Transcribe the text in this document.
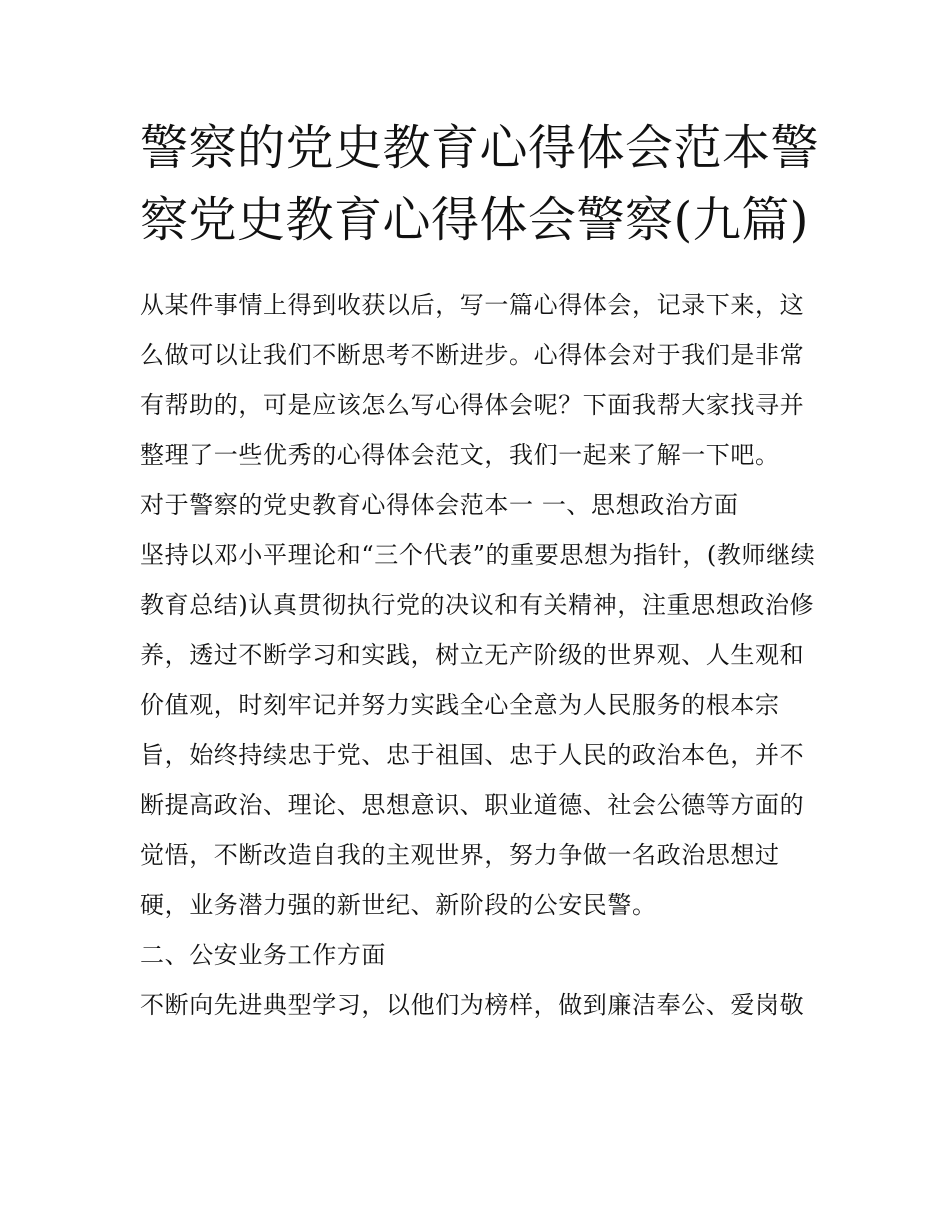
警察的党史教育心得体会范本警察党史教育心得体会警察(九篇)

从某件事情上得到收获以后，写一篇心得体会，记录下来，这么做可以让我们不断思考不断进步。心得体会对于我们是非常有帮助的，可是应该怎么写心得体会呢？下面我帮大家找寻并整理了一些优秀的心得体会范文，我们一起来了解一下吧。

对于警察的党史教育心得体会范本一 一、思想政治方面

坚持以邓小平理论和“三个代表”的重要思想为指针，(教师继续教育总结)认真贯彻执行党的决议和有关精神，注重思想政治修养，透过不断学习和实践，树立无产阶级的世界观、人生观和价值观，时刻牢记并努力实践全心全意为人民服务的根本宗旨，始终持续忠于党、忠于祖国、忠于人民的政治本色，并不断提高政治、理论、思想意识、职业道德、社会公德等方面的觉悟，不断改造自我的主观世界，努力争做一名政治思想过硬，业务潜力强的新世纪、新阶段的公安民警。

二、公安业务工作方面

不断向先进典型学习，以他们为榜样，做到廉洁奉公、爱岗敬
